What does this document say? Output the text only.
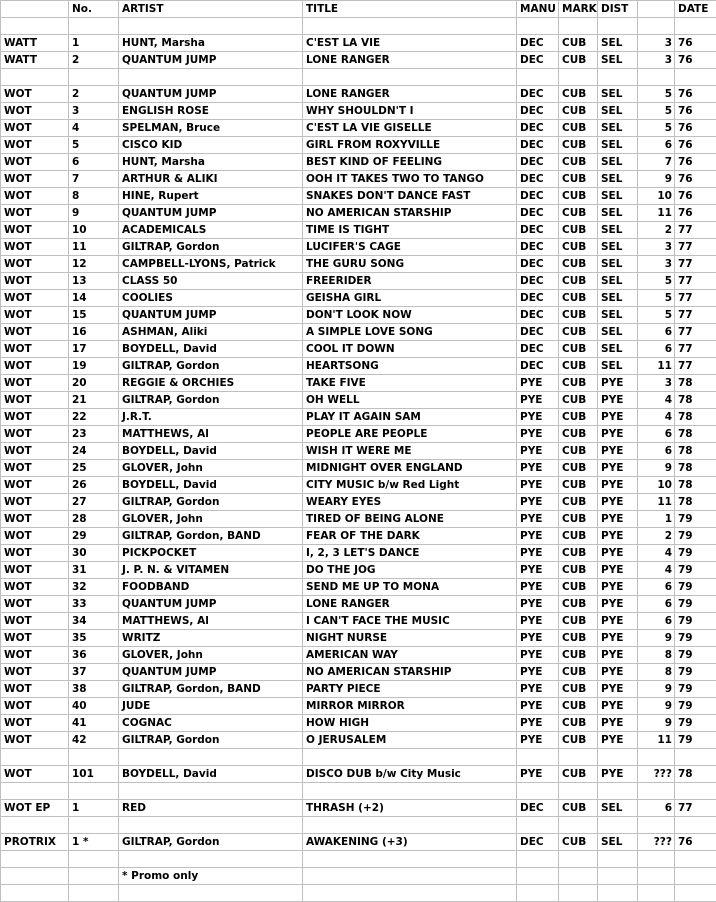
	No.	ARTIST	TITLE	MANU	MARK	DIST		DATE

WATT	1	HUNT, Marsha	C'EST LA VIE	DEC	CUB	SEL	3	76
WATT	2	QUANTUM JUMP	LONE RANGER	DEC	CUB	SEL	3	76

WOT	2	QUANTUM JUMP	LONE RANGER	DEC	CUB	SEL	5	76
WOT	3	ENGLISH ROSE	WHY SHOULDN'T I	DEC	CUB	SEL	5	76
WOT	4	SPELMAN, Bruce	C'EST LA VIE GISELLE	DEC	CUB	SEL	5	76
WOT	5	CISCO KID	GIRL FROM ROXYVILLE	DEC	CUB	SEL	6	76
WOT	6	HUNT, Marsha	BEST KIND OF FEELING	DEC	CUB	SEL	7	76
WOT	7	ARTHUR & ALIKI	OOH IT TAKES TWO TO TANGO	DEC	CUB	SEL	9	76
WOT	8	HINE, Rupert	SNAKES DON'T DANCE FAST	DEC	CUB	SEL	10	76
WOT	9	QUANTUM JUMP	NO AMERICAN STARSHIP	DEC	CUB	SEL	11	76
WOT	10	ACADEMICALS	TIME IS TIGHT	DEC	CUB	SEL	2	77
WOT	11	GILTRAP, Gordon	LUCIFER'S CAGE	DEC	CUB	SEL	3	77
WOT	12	CAMPBELL-LYONS, Patrick	THE GURU SONG	DEC	CUB	SEL	3	77
WOT	13	CLASS 50	FREERIDER	DEC	CUB	SEL	5	77
WOT	14	COOLIES	GEISHA GIRL	DEC	CUB	SEL	5	77
WOT	15	QUANTUM JUMP	DON'T LOOK NOW	DEC	CUB	SEL	5	77
WOT	16	ASHMAN, Aliki	A SIMPLE LOVE SONG	DEC	CUB	SEL	6	77
WOT	17	BOYDELL, David	COOL IT DOWN	DEC	CUB	SEL	6	77
WOT	19	GILTRAP, Gordon	HEARTSONG	DEC	CUB	SEL	11	77
WOT	20	REGGIE & ORCHIES	TAKE FIVE	PYE	CUB	PYE	3	78
WOT	21	GILTRAP, Gordon	OH WELL	PYE	CUB	PYE	4	78
WOT	22	J.R.T.	PLAY IT AGAIN SAM	PYE	CUB	PYE	4	78
WOT	23	MATTHEWS, Al	PEOPLE ARE PEOPLE	PYE	CUB	PYE	6	78
WOT	24	BOYDELL, David	WISH IT WERE ME	PYE	CUB	PYE	6	78
WOT	25	GLOVER, John	MIDNIGHT OVER ENGLAND	PYE	CUB	PYE	9	78
WOT	26	BOYDELL, David	CITY MUSIC b/w Red Light	PYE	CUB	PYE	10	78
WOT	27	GILTRAP, Gordon	WEARY EYES	PYE	CUB	PYE	11	78
WOT	28	GLOVER, John	TIRED OF BEING ALONE	PYE	CUB	PYE	1	79
WOT	29	GILTRAP, Gordon, BAND	FEAR OF THE DARK	PYE	CUB	PYE	2	79
WOT	30	PICKPOCKET	I, 2, 3 LET'S DANCE	PYE	CUB	PYE	4	79
WOT	31	J. P. N. & VITAMEN	DO THE JOG	PYE	CUB	PYE	4	79
WOT	32	FOODBAND	SEND ME UP TO MONA	PYE	CUB	PYE	6	79
WOT	33	QUANTUM JUMP	LONE RANGER	PYE	CUB	PYE	6	79
WOT	34	MATTHEWS, Al	I CAN'T FACE THE MUSIC	PYE	CUB	PYE	6	79
WOT	35	WRITZ	NIGHT NURSE	PYE	CUB	PYE	9	79
WOT	36	GLOVER, John	AMERICAN WAY	PYE	CUB	PYE	8	79
WOT	37	QUANTUM JUMP	NO AMERICAN STARSHIP	PYE	CUB	PYE	8	79
WOT	38	GILTRAP, Gordon, BAND	PARTY PIECE	PYE	CUB	PYE	9	79
WOT	40	JUDE	MIRROR MIRROR	PYE	CUB	PYE	9	79
WOT	41	COGNAC	HOW HIGH	PYE	CUB	PYE	9	79
WOT	42	GILTRAP, Gordon	O JERUSALEM	PYE	CUB	PYE	11	79

WOT	101	BOYDELL, David	DISCO DUB b/w City Music	PYE	CUB	PYE	???	78

WOT EP	1	RED	THRASH (+2)	DEC	CUB	SEL	6	77

PROTRIX	1 *	GILTRAP, Gordon	AWAKENING (+3)	DEC	CUB	SEL	???	76

		* Promo only						
